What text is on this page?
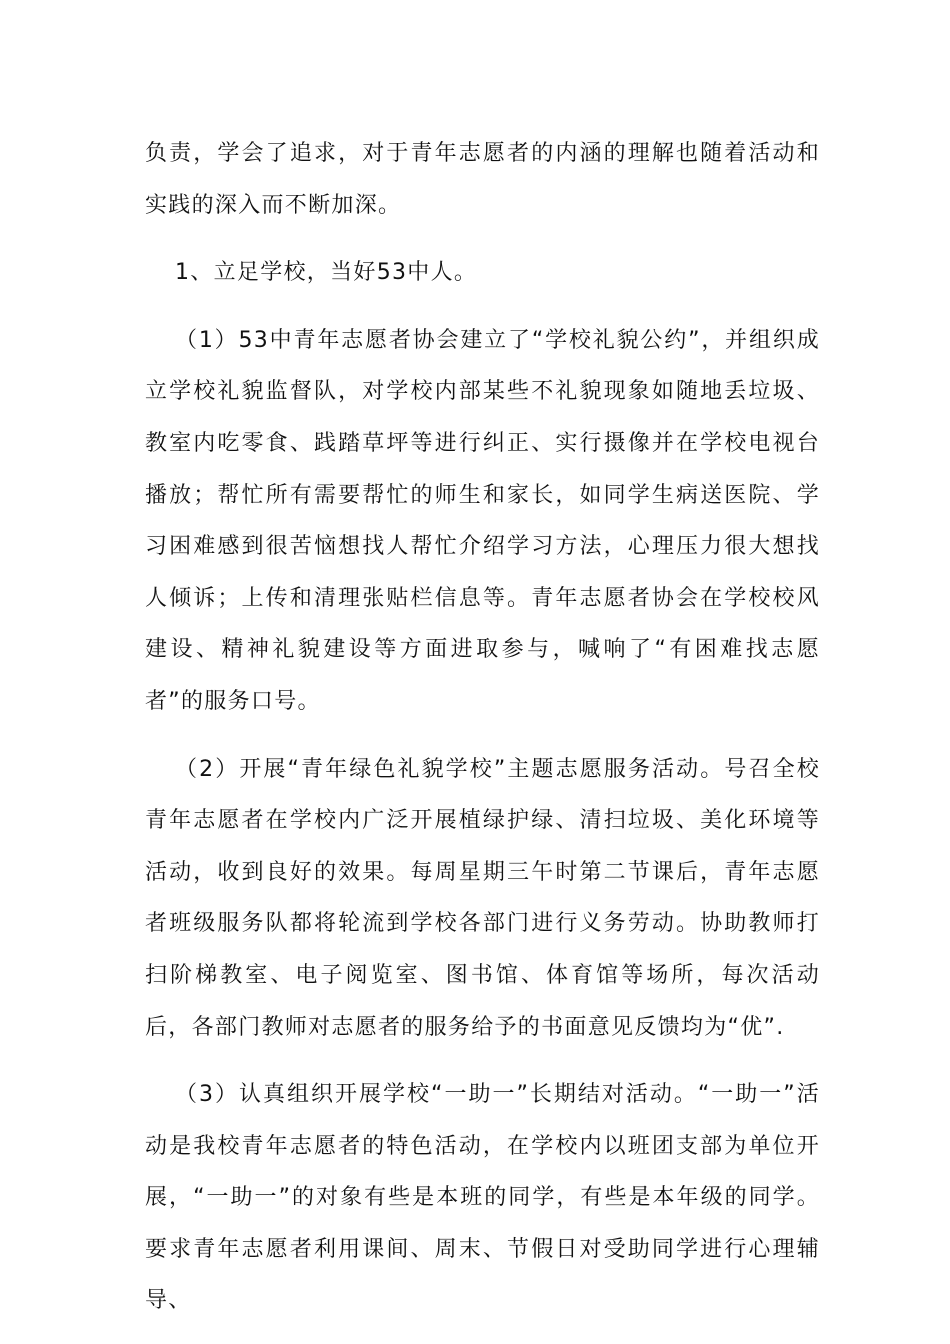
负责，学会了追求，对于青年志愿者的内涵的理解也随着活动和实践的深入而不断加深。

1、立足学校，当好53中人。

（1）53中青年志愿者协会建立了“学校礼貌公约”，并组织成立学校礼貌监督队，对学校内部某些不礼貌现象如随地丢垃圾、教室内吃零食、践踏草坪等进行纠正、实行摄像并在学校电视台播放；帮忙所有需要帮忙的师生和家长，如同学生病送医院、学习困难感到很苦恼想找人帮忙介绍学习方法，心理压力很大想找人倾诉；上传和清理张贴栏信息等。青年志愿者协会在学校校风建设、精神礼貌建设等方面进取参与，喊响了“有困难找志愿者”的服务口号。

（2）开展“青年绿色礼貌学校”主题志愿服务活动。号召全校青年志愿者在学校内广泛开展植绿护绿、清扫垃圾、美化环境等活动，收到良好的效果。每周星期三午时第二节课后，青年志愿者班级服务队都将轮流到学校各部门进行义务劳动。协助教师打扫阶梯教室、电子阅览室、图书馆、体育馆等场所，每次活动后，各部门教师对志愿者的服务给予的书面意见反馈均为“优”.

（3）认真组织开展学校“一助一”长期结对活动。“一助一”活动是我校青年志愿者的特色活动，在学校内以班团支部为单位开展，“一助一”的对象有些是本班的同学，有些是本年级的同学。要求青年志愿者利用课间、周末、节假日对受助同学进行心理辅导、
